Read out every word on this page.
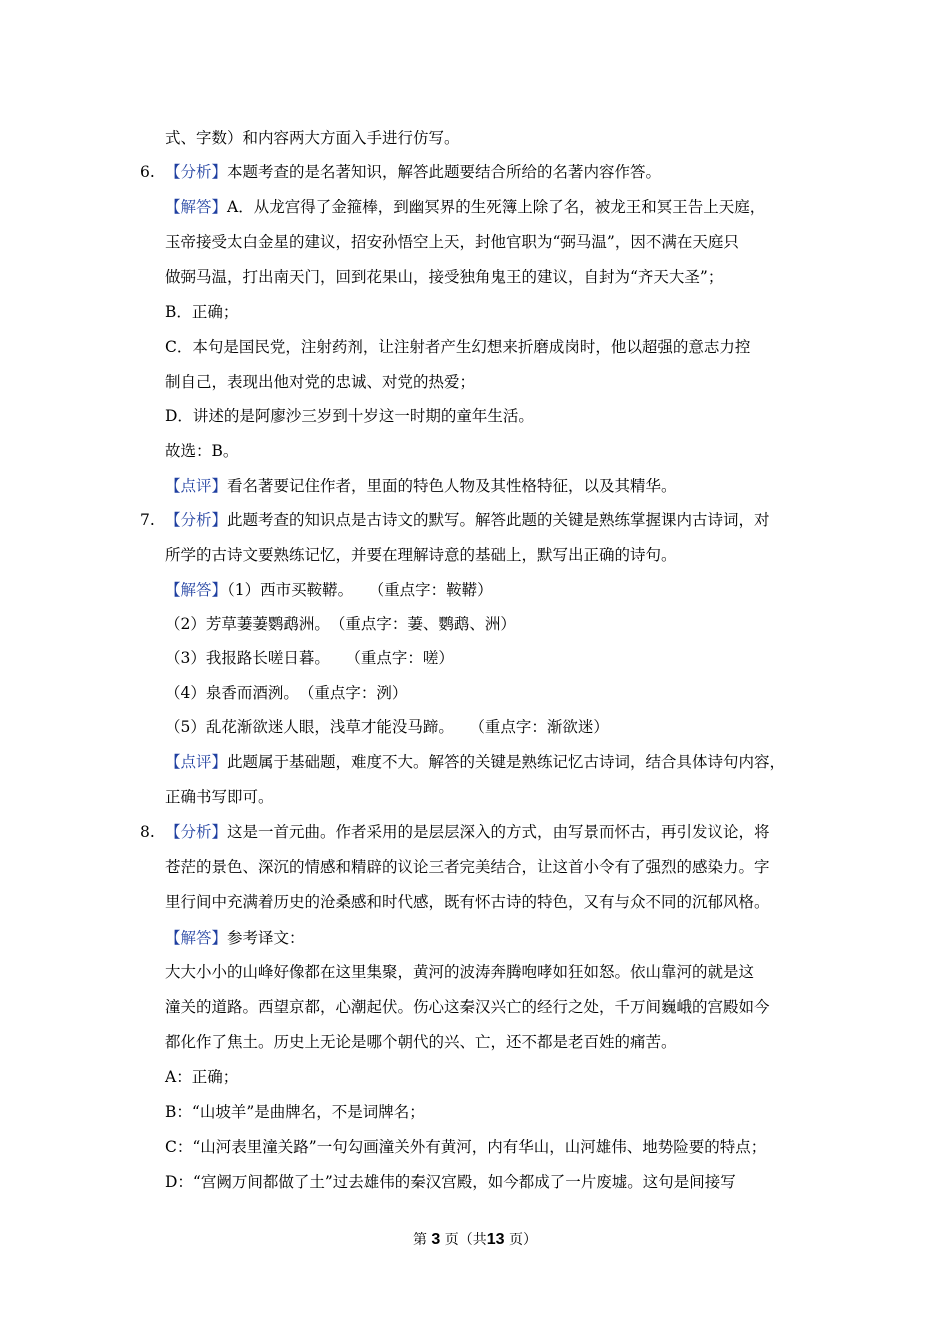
式、字数）和内容两大方面入手进行仿写。
6. 【分析】本题考查的是名著知识，解答此题要结合所给的名著内容作答。
【解答】A．从龙宫得了金箍棒，到幽冥界的生死簿上除了名，被龙王和冥王告上天庭，
玉帝接受太白金星的建议，招安孙悟空上天，封他官职为“弼马温”，因不满在天庭只
做弼马温，打出南天门，回到花果山，接受独角鬼王的建议，自封为“齐天大圣”；
B．正确；
C．本句是国民党，注射药剂，让注射者产生幻想来折磨成岗时，他以超强的意志力控
制自己，表现出他对党的忠诚、对党的热爱；
D．讲述的是阿廖沙三岁到十岁这一时期的童年生活。
故选：B。
【点评】看名著要记住作者，里面的特色人物及其性格特征，以及其精华。
7. 【分析】此题考查的知识点是古诗文的默写。解答此题的关键是熟练掌握课内古诗词，对
所学的古诗文要熟练记忆，并要在理解诗意的基础上，默写出正确的诗句。
【解答】（1）西市买鞍鞯。　　（重点字：鞍鞯）
（2）芳草萋萋鹦鹉洲。　（重点字：萋、鹦鹉、洲）
（3）我报路长嗟日暮。　　（重点字：嗟）
（4）泉香而酒洌。　（重点字：洌）
（5）乱花渐欲迷人眼，浅草才能没马蹄。　　（重点字：渐欲迷）
【点评】此题属于基础题，难度不大。解答的关键是熟练记忆古诗词，结合具体诗句内容，
正确书写即可。
8. 【分析】这是一首元曲。作者采用的是层层深入的方式，由写景而怀古，再引发议论，将
苍茫的景色、深沉的情感和精辟的议论三者完美结合，让这首小令有了强烈的感染力。字
里行间中充满着历史的沧桑感和时代感，既有怀古诗的特色，又有与众不同的沉郁风格。
【解答】参考译文：
大大小小的山峰好像都在这里集聚，黄河的波涛奔腾咆哮如狂如怒。依山靠河的就是这
潼关的道路。西望京都，心潮起伏。伤心这秦汉兴亡的经行之处，千万间巍峨的宫殿如今
都化作了焦土。历史上无论是哪个朝代的兴、亡，还不都是老百姓的痛苦。
A：正确；
B：“山坡羊”是曲牌名，不是词牌名；
C：“山河表里潼关路”一句勾画潼关外有黄河，内有华山，山河雄伟、地势险要的特点；
D：“宫阙万间都做了土”过去雄伟的秦汉宫殿，如今都成了一片废墟。这句是间接写
第 3 页（共13 页）
